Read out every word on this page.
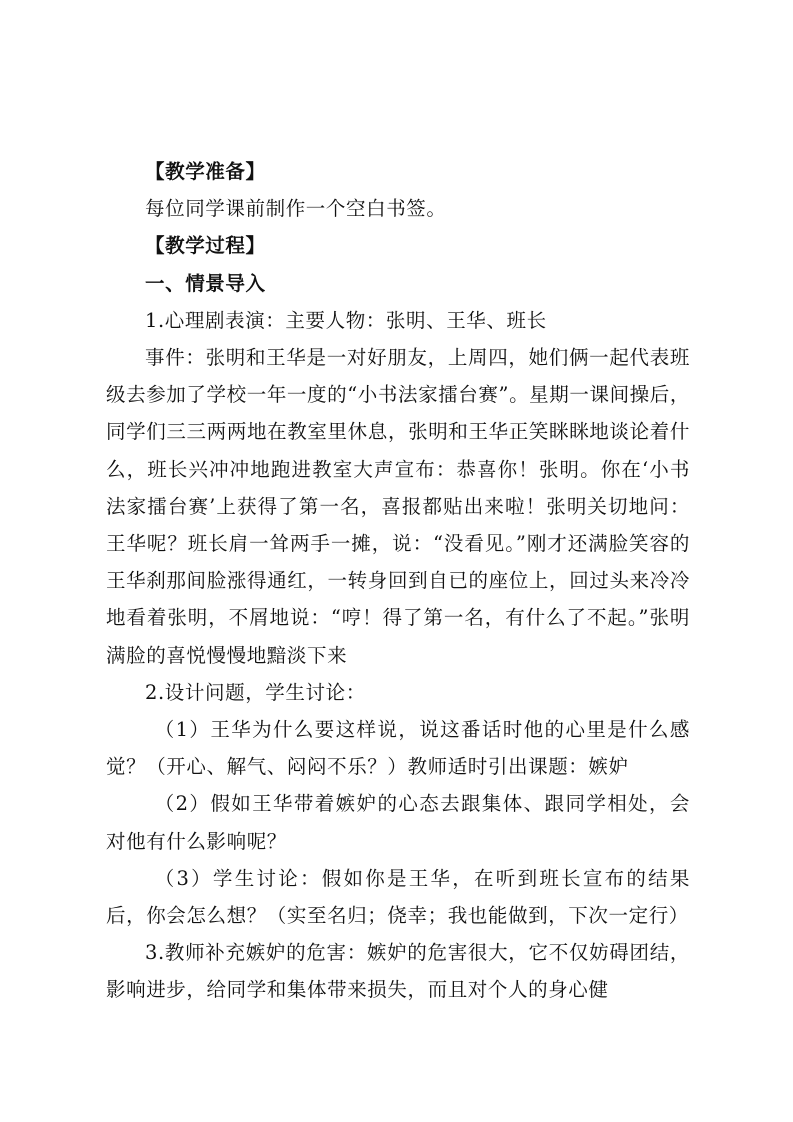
【教学准备】

每位同学课前制作一个空白书签。

【教学过程】

一、情景导入

1.心理剧表演：主要人物：张明、王华、班长

事件：张明和王华是一对好朋友，上周四，她们俩一起代表班级去参加了学校一年一度的“小书法家擂台赛”。星期一课间操后，同学们三三两两地在教室里休息，张明和王华正笑眯眯地谈论着什么，班长兴冲冲地跑进教室大声宣布：恭喜你！张明。你在‘小书法家擂台赛’上获得了第一名，喜报都贴出来啦！张明关切地问：王华呢？班长肩一耸两手一摊，说：“没看见。”刚才还满脸笑容的王华刹那间脸涨得通红，一转身回到自已的座位上，回过头来冷冷地看着张明，不屑地说：“哼！得了第一名，有什么了不起。”张明满脸的喜悦慢慢地黯淡下来

2.设计问题，学生讨论：

（1）王华为什么要这样说，说这番话时他的心里是什么感觉？（开心、解气、闷闷不乐？）教师适时引出课题：嫉妒

（2）假如王华带着嫉妒的心态去跟集体、跟同学相处，会对他有什么影响呢？

（3）学生讨论：假如你是王华，在听到班长宣布的结果后，你会怎么想？（实至名归；侥幸；我也能做到，下次一定行）

3.教师补充嫉妒的危害：嫉妒的危害很大，它不仅妨碍团结，影响进步，给同学和集体带来损失，而且对个人的身心健
